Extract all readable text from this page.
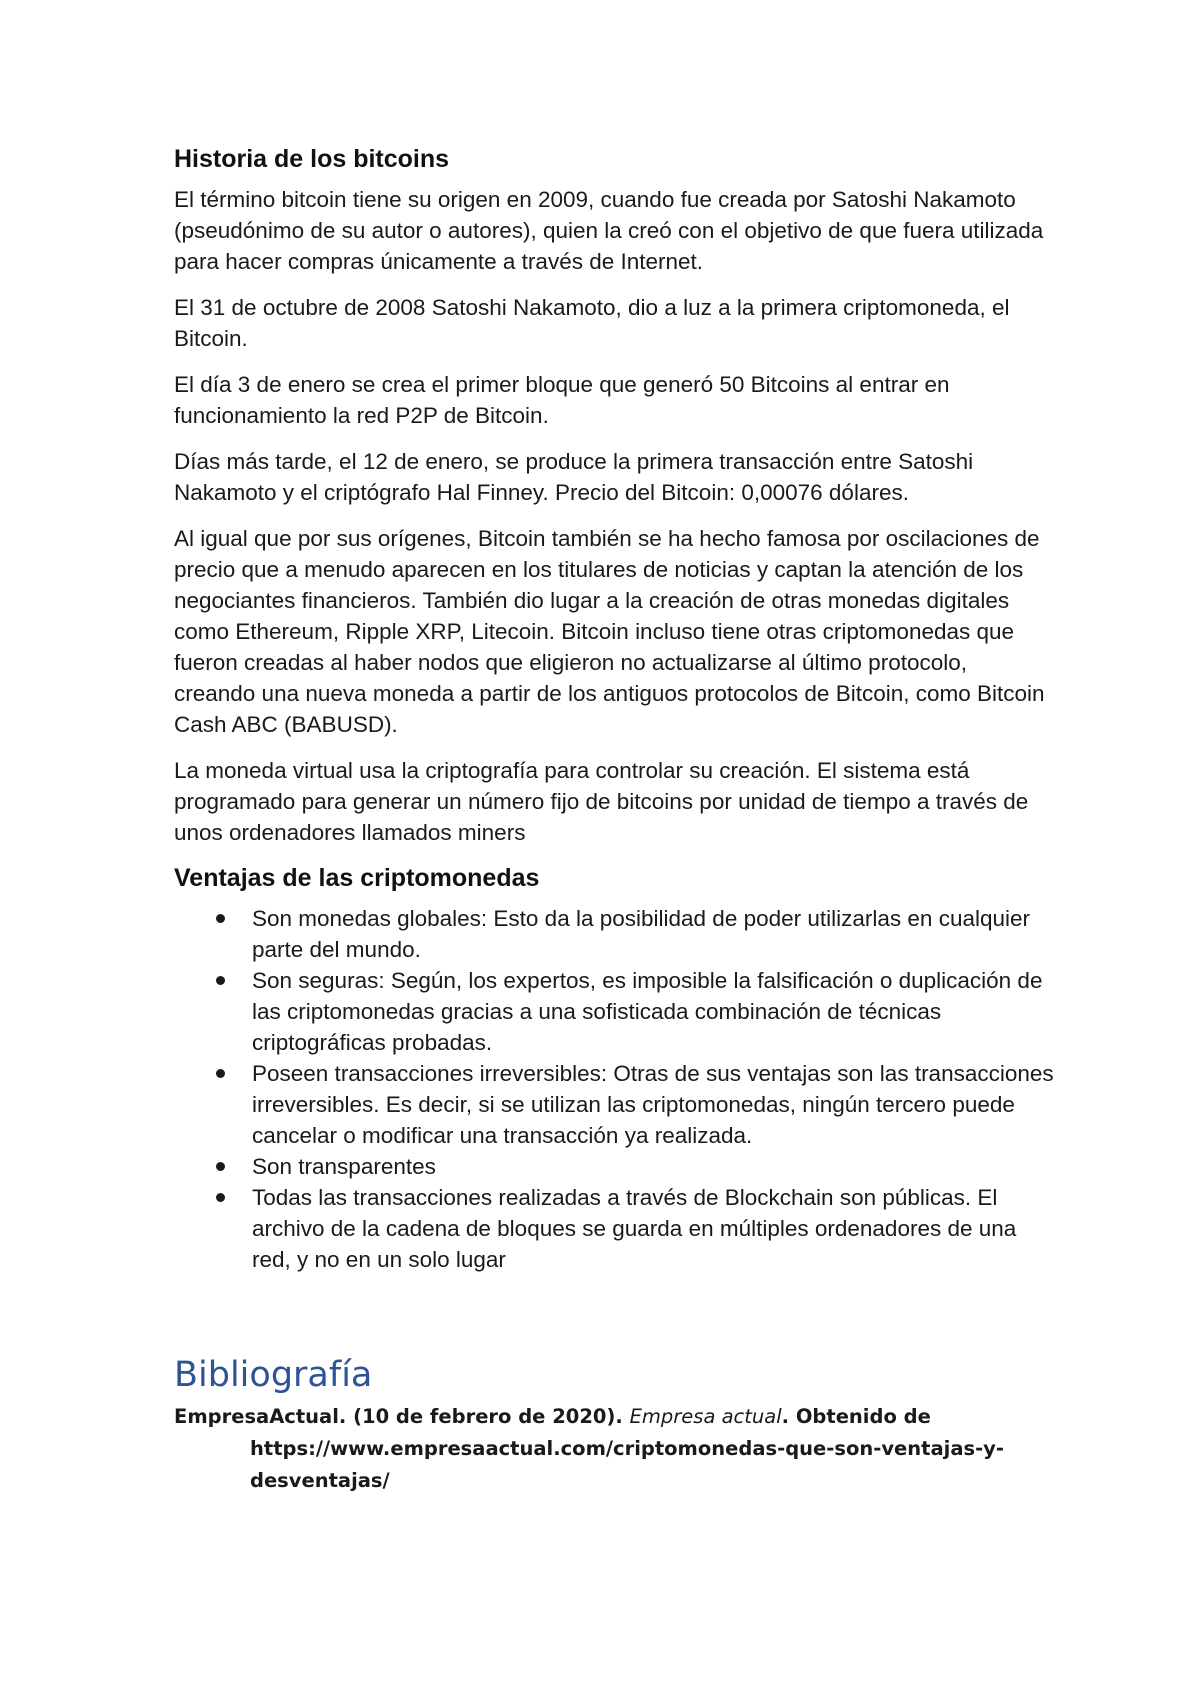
Historia de los bitcoins

El término bitcoin tiene su origen en 2009, cuando fue creada por Satoshi Nakamoto (pseudónimo de su autor o autores), quien la creó con el objetivo de que fuera utilizada para hacer compras únicamente a través de Internet.

El 31 de octubre de 2008 Satoshi Nakamoto, dio a luz a la primera criptomoneda, el Bitcoin.

El día 3 de enero se crea el primer bloque que generó 50 Bitcoins al entrar en funcionamiento la red P2P de Bitcoin.

Días más tarde, el 12 de enero, se produce la primera transacción entre Satoshi Nakamoto y el criptógrafo Hal Finney. Precio del Bitcoin: 0,00076 dólares.

Al igual que por sus orígenes, Bitcoin también se ha hecho famosa por oscilaciones de precio que a menudo aparecen en los titulares de noticias y captan la atención de los negociantes financieros. También dio lugar a la creación de otras monedas digitales como Ethereum, Ripple XRP, Litecoin. Bitcoin incluso tiene otras criptomonedas que fueron creadas al haber nodos que eligieron no actualizarse al último protocolo, creando una nueva moneda a partir de los antiguos protocolos de Bitcoin, como Bitcoin Cash ABC (BABUSD).

La moneda virtual usa la criptografía para controlar su creación. El sistema está programado para generar un número fijo de bitcoins por unidad de tiempo a través de unos ordenadores llamados miners

Ventajas de las criptomonedas
Son monedas globales: Esto da la posibilidad de poder utilizarlas en cualquier parte del mundo.
Son seguras: Según, los expertos, es imposible la falsificación o duplicación de las criptomonedas gracias a una sofisticada combinación de técnicas criptográficas probadas.
Poseen transacciones irreversibles: Otras de sus ventajas son las transacciones irreversibles. Es decir, si se utilizan las criptomonedas, ningún tercero puede cancelar o modificar una transacción ya realizada.
Son transparentes
Todas las transacciones realizadas a través de Blockchain son públicas. El archivo de la cadena de bloques se guarda en múltiples ordenadores de una red, y no en un solo lugar
Bibliografía

EmpresaActual. (10 de febrero de 2020). Empresa actual. Obtenido de https://www.empresaactual.com/criptomonedas-que-son-ventajas-y-desventajas/
